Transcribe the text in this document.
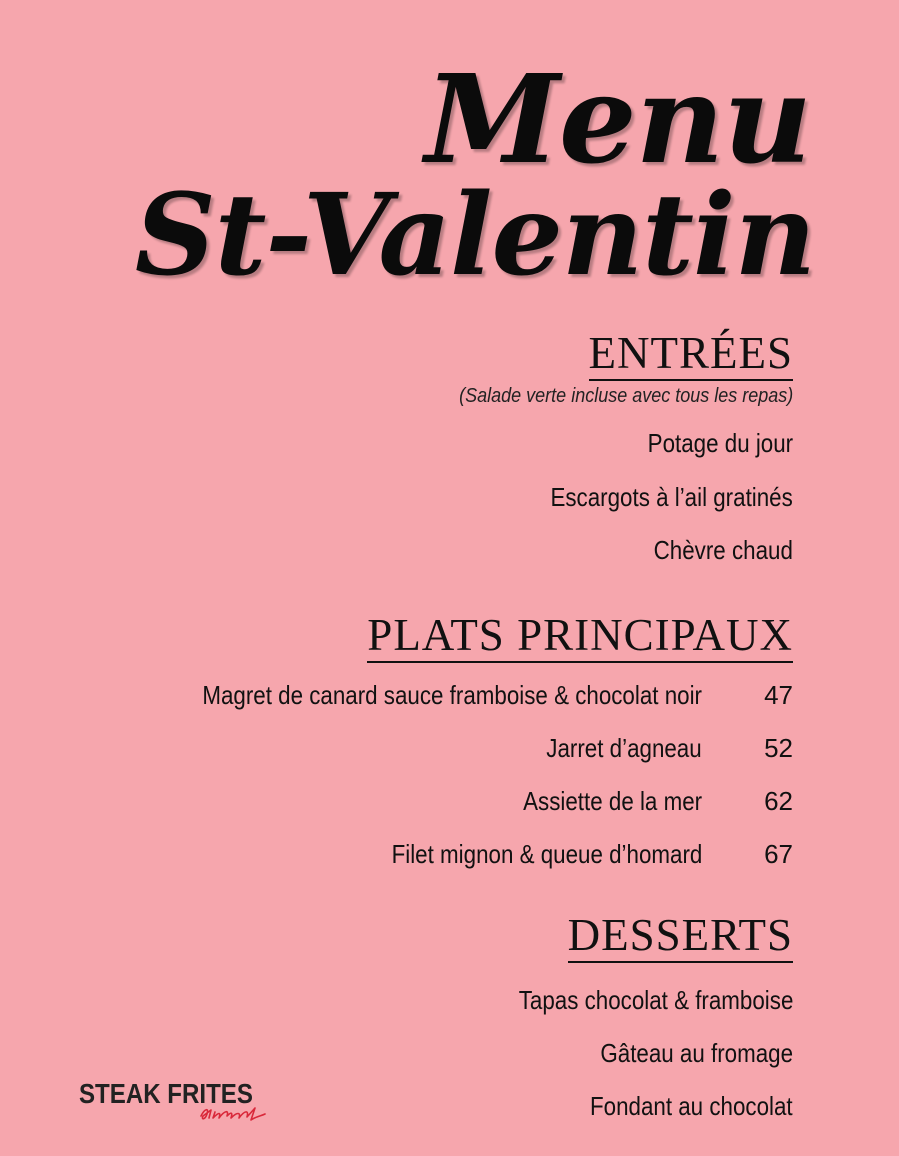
Menu
St-Valentin
ENTRÉES
(Salade verte incluse avec tous les repas)
Potage du jour
Escargots à l’ail gratinés
Chèvre chaud
PLATS PRINCIPAUX
Magret de canard sauce framboise & chocolat noir 47
Jarret d’agneau 52
Assiette de la mer 62
Filet mignon & queue d’homard 67
DESSERTS
Tapas chocolat & framboise
Gâteau au fromage
Fondant au chocolat
STEAK FRITES
